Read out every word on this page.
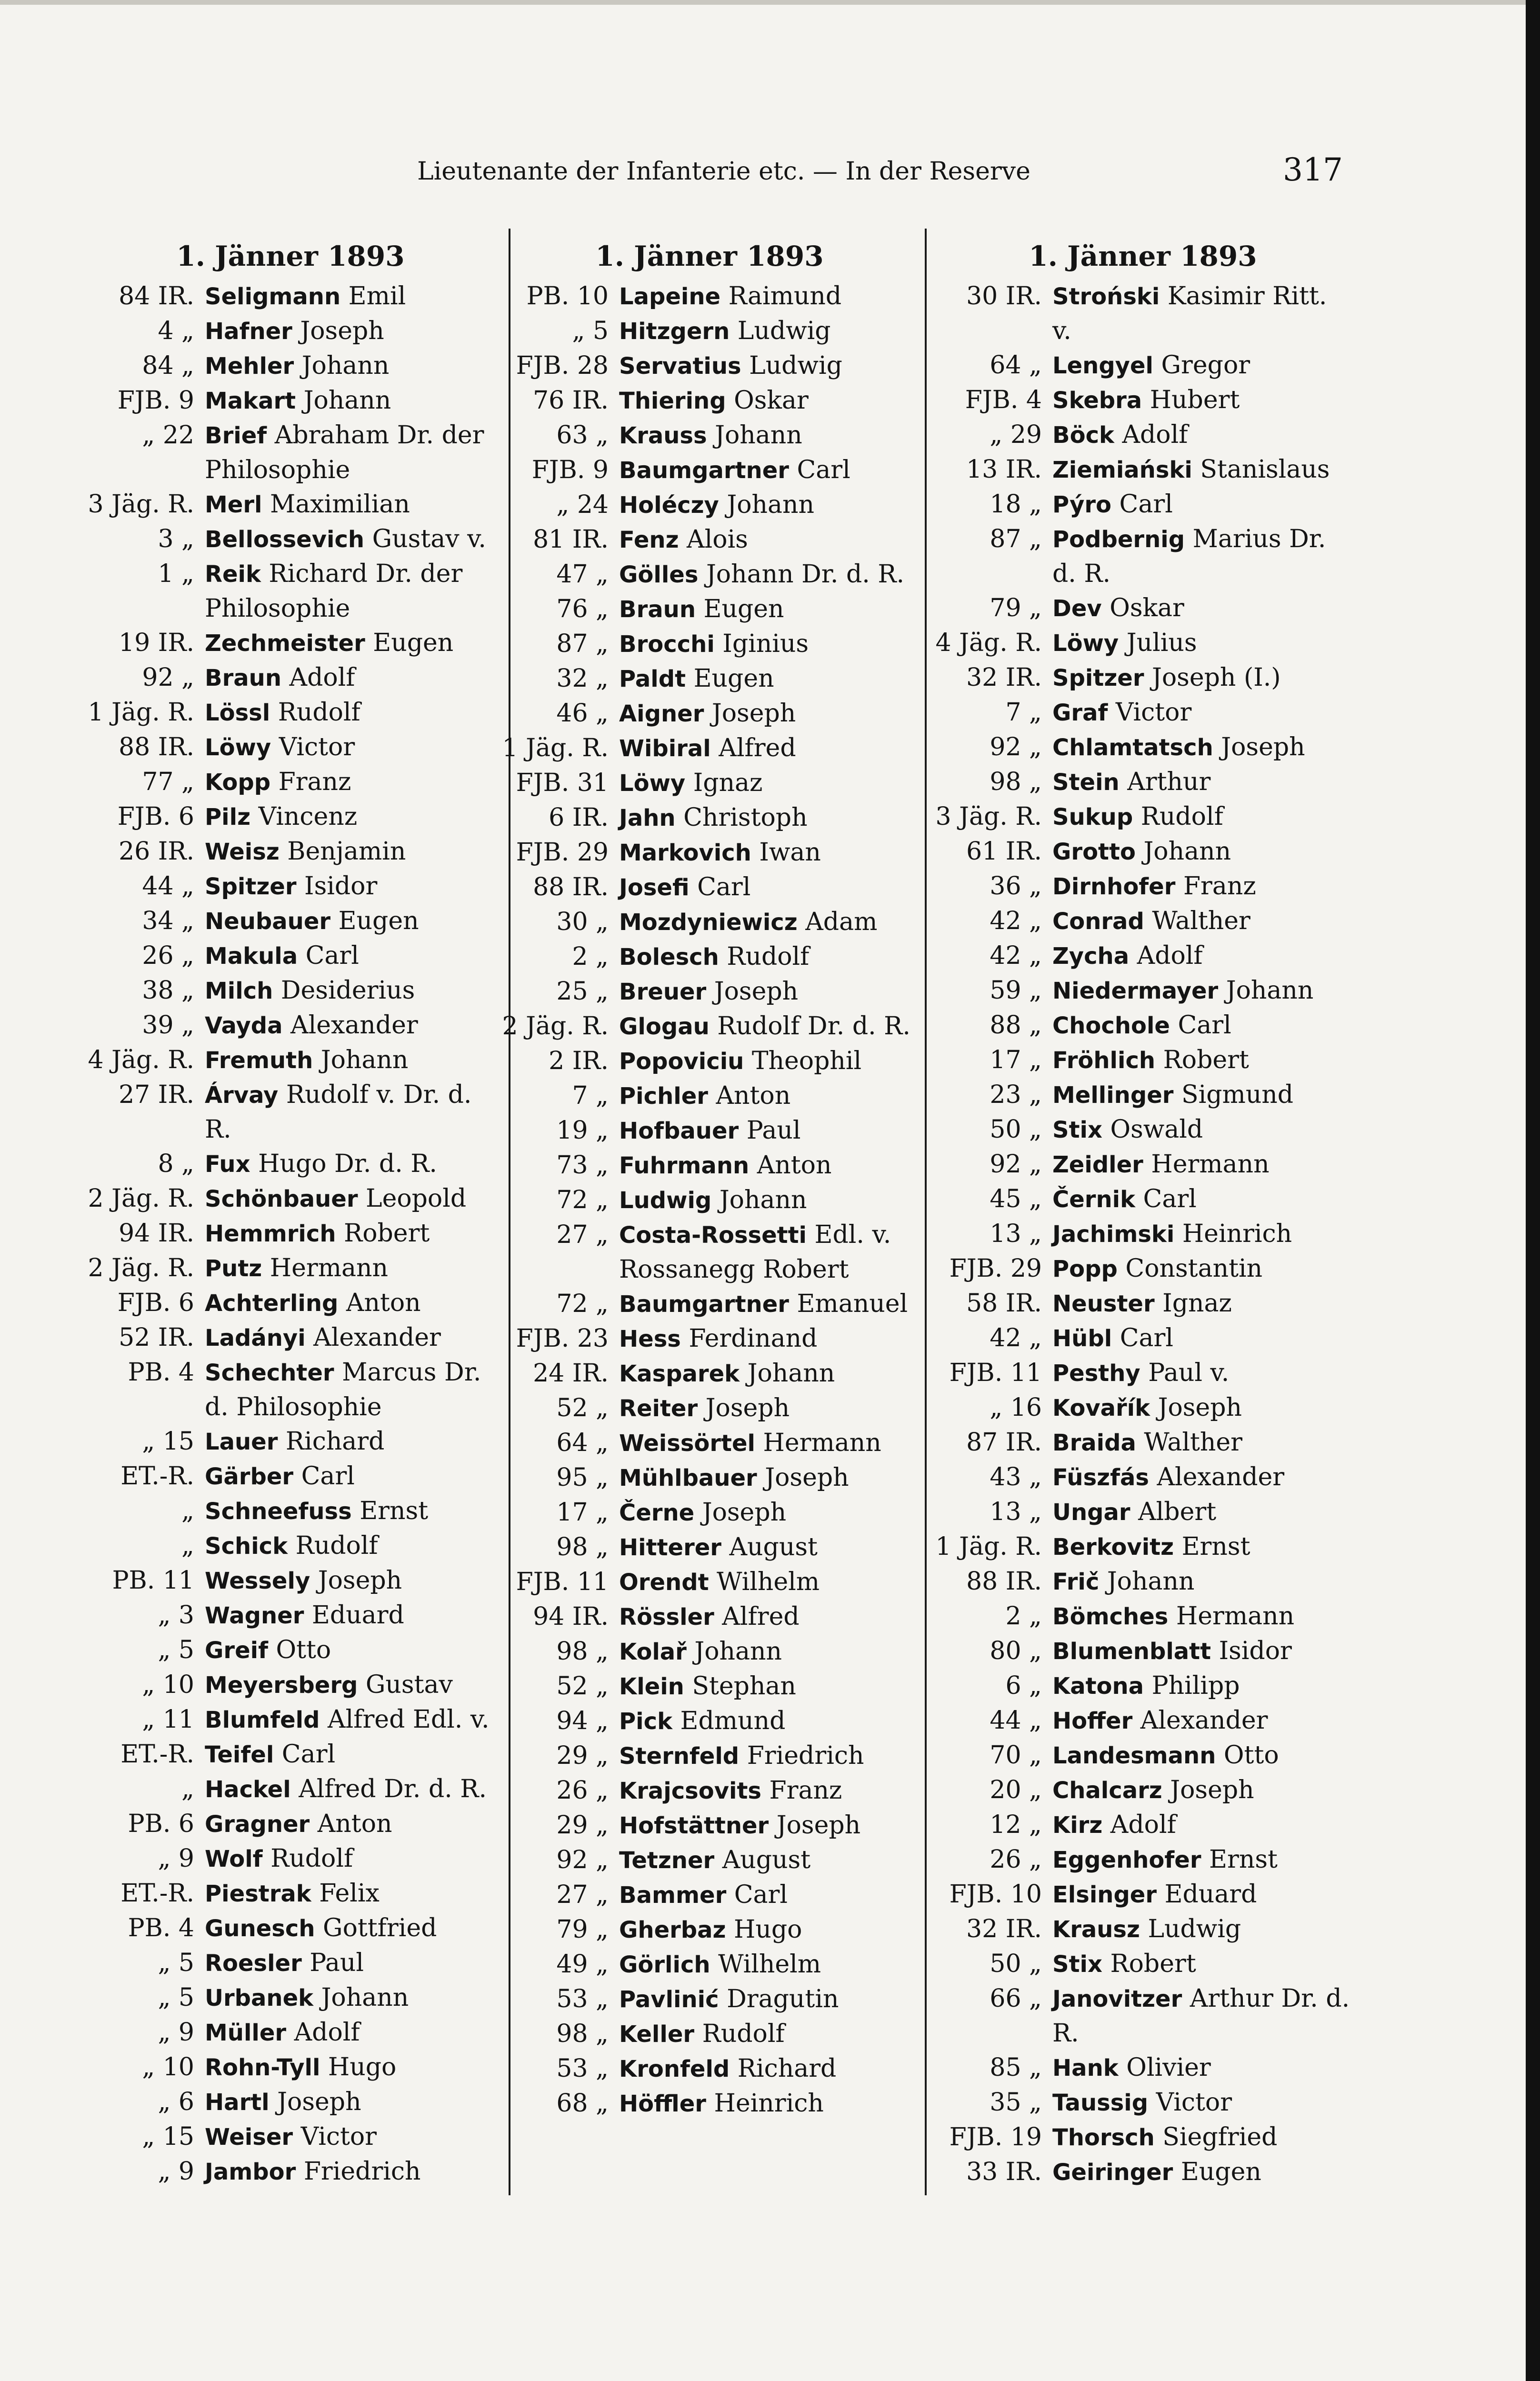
Lieutenante der Infanterie etc. — In der Reserve	317
1. Jänner 1893
84 IR. Seligmann Emil
4 „ Hafner Joseph
84 „ Mehler Johann
FJB. 9 Makart Johann
„ 22 Brief Abraham Dr. der Philosophie
3 Jäg. R. Merl Maximilian
3 „ Bellossevich Gustav v.
1 „ Reik Richard Dr. der Philosophie
19 IR. Zechmeister Eugen
92 „ Braun Adolf
1 Jäg. R. Lössl Rudolf
88 IR. Löwy Victor
77 „ Kopp Franz
FJB. 6 Pilz Vincenz
26 IR. Weisz Benjamin
44 „ Spitzer Isidor
34 „ Neubauer Eugen
26 „ Makula Carl
38 „ Milch Desiderius
39 „ Vayda Alexander
4 Jäg. R. Fremuth Johann
27 IR. Árvay Rudolf v. Dr. d. R.
8 „ Fux Hugo Dr. d. R.
2 Jäg. R. Schönbauer Leopold
94 IR. Hemmrich Robert
2 Jäg. R. Putz Hermann
FJB. 6 Achterling Anton
52 IR. Ladányi Alexander
PB. 4 Schechter Marcus Dr. d. Philosophie
„ 15 Lauer Richard
ET.-R. Gärber Carl
„ Schneefuss Ernst
„ Schick Rudolf
PB. 11 Wessely Joseph
„ 3 Wagner Eduard
„ 5 Greif Otto
„ 10 Meyersberg Gustav
„ 11 Blumfeld Alfred Edl. v.
ET.-R. Teifel Carl
„ Hackel Alfred Dr. d. R.
PB. 6 Gragner Anton
„ 9 Wolf Rudolf
ET.-R. Piestrak Felix
PB. 4 Gunesch Gottfried
„ 5 Roesler Paul
„ 5 Urbanek Johann
„ 9 Müller Adolf
„ 10 Rohn-Tyll Hugo
„ 6 Hartl Joseph
„ 15 Weiser Victor
„ 9 Jambor Friedrich
1. Jänner 1893
PB. 10 Lapeine Raimund
„ 5 Hitzgern Ludwig
FJB. 28 Servatius Ludwig
76 IR. Thiering Oskar
63 „ Krauss Johann
FJB. 9 Baumgartner Carl
„ 24 Holéczy Johann
81 IR. Fenz Alois
47 „ Gölles Johann Dr. d. R.
76 „ Braun Eugen
87 „ Brocchi Iginius
32 „ Paldt Eugen
46 „ Aigner Joseph
1 Jäg. R. Wibiral Alfred
FJB. 31 Löwy Ignaz
6 IR. Jahn Christoph
FJB. 29 Markovich Iwan
88 IR. Josefi Carl
30 „ Mozdyniewicz Adam
2 „ Bolesch Rudolf
25 „ Breuer Joseph
2 Jäg. R. Glogau Rudolf Dr. d. R.
2 IR. Popoviciu Theophil
7 „ Pichler Anton
19 „ Hofbauer Paul
73 „ Fuhrmann Anton
72 „ Ludwig Johann
27 „ Costa-Rossetti Edl. v. Rossanegg Robert
72 „ Baumgartner Emanuel
FJB. 23 Hess Ferdinand
24 IR. Kasparek Johann
52 „ Reiter Joseph
64 „ Weissörtel Hermann
95 „ Mühlbauer Joseph
17 „ Černe Joseph
98 „ Hitterer August
FJB. 11 Orendt Wilhelm
94 IR. Rössler Alfred
98 „ Kolař Johann
52 „ Klein Stephan
94 „ Pick Edmund
29 „ Sternfeld Friedrich
26 „ Krajcsovits Franz
29 „ Hofstättner Joseph
92 „ Tetzner August
27 „ Bammer Carl
79 „ Gherbaz Hugo
49 „ Görlich Wilhelm
53 „ Pavlinić Dragutin
98 „ Keller Rudolf
53 „ Kronfeld Richard
68 „ Höffler Heinrich
1. Jänner 1893
30 IR. Stroński Kasimir Ritt. v.
64 „ Lengyel Gregor
FJB. 4 Skebra Hubert
„ 29 Böck Adolf
13 IR. Ziemiański Stanislaus
18 „ Pýro Carl
87 „ Podbernig Marius Dr. d. R.
79 „ Dev Oskar
4 Jäg. R. Löwy Julius
32 IR. Spitzer Joseph (I.)
7 „ Graf Victor
92 „ Chlamtatsch Joseph
98 „ Stein Arthur
3 Jäg. R. Sukup Rudolf
61 IR. Grotto Johann
36 „ Dirnhofer Franz
42 „ Conrad Walther
42 „ Zycha Adolf
59 „ Niedermayer Johann
88 „ Chochole Carl
17 „ Fröhlich Robert
23 „ Mellinger Sigmund
50 „ Stix Oswald
92 „ Zeidler Hermann
45 „ Černik Carl
13 „ Jachimski Heinrich
FJB. 29 Popp Constantin
58 IR. Neuster Ignaz
42 „ Hübl Carl
FJB. 11 Pesthy Paul v.
„ 16 Kovařík Joseph
87 IR. Braida Walther
43 „ Füszfás Alexander
13 „ Ungar Albert
1 Jäg. R. Berkovitz Ernst
88 IR. Frič Johann
2 „ Bömches Hermann
80 „ Blumenblatt Isidor
6 „ Katona Philipp
44 „ Hoffer Alexander
70 „ Landesmann Otto
20 „ Chalcarz Joseph
12 „ Kirz Adolf
26 „ Eggenhofer Ernst
FJB. 10 Elsinger Eduard
32 IR. Krausz Ludwig
50 „ Stix Robert
66 „ Janovitzer Arthur Dr. d. R.
85 „ Hank Olivier
35 „ Taussig Victor
FJB. 19 Thorsch Siegfried
33 IR. Geiringer Eugen
